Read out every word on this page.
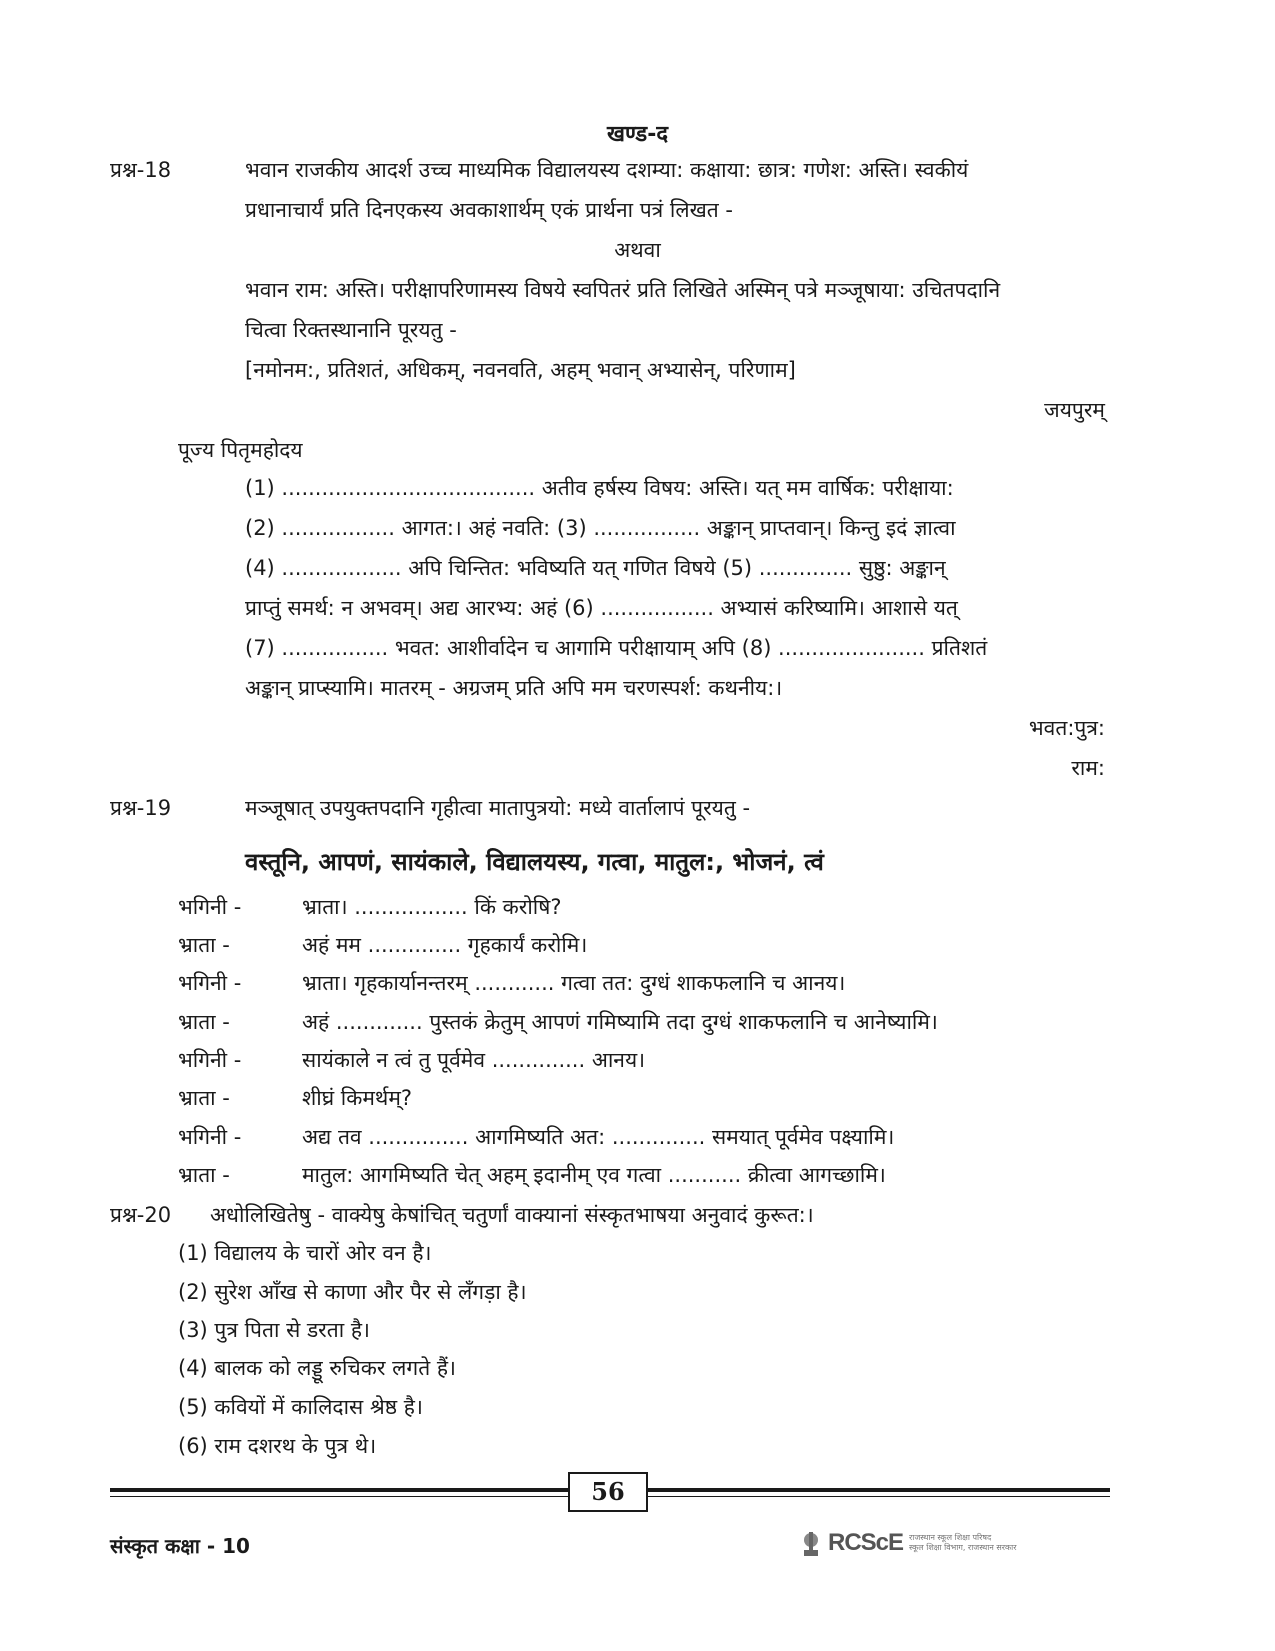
खण्ड-द
प्रश्न-18	भवान राजकीय आदर्श उच्च माध्यमिक विद्यालयस्य दशम्या: कक्षाया: छात्र: गणेश: अस्ति। स्वकीयं
प्रधानाचार्यं प्रति दिनएकस्य अवकाशार्थम् एकं प्रार्थना पत्रं लिखत -
अथवा
भवान राम: अस्ति। परीक्षापरिणामस्य विषये स्वपितरं प्रति लिखिते अस्मिन् पत्रे मञ्जूषाया: उचितपदानि
चित्वा रिक्तस्थानानि पूरयतु -
[नमोनम:, प्रतिशतं, अधिकम्, नवनवति, अहम् भवान् अभ्यासेन्, परिणाम]
जयपुरम्
पूज्य पितृमहोदय
(1) ...................................... अतीव हर्षस्य विषय: अस्ति। यत् मम वार्षिक: परीक्षाया:
(2) ................. आगत:। अहं नवति: (3) ................ अङ्कान् प्राप्तवान्। किन्तु इदं ज्ञात्वा
(4) .................. अपि चिन्तित: भविष्यति यत् गणित विषये (5) .............. सुष्ठु: अङ्कान्
प्राप्तुं समर्थ: न अभवम्। अद्य आरभ्य: अहं (6) ................. अभ्यासं करिष्यामि। आशासे यत्
(7) ................ भवत: आशीर्वादेन च आगामि परीक्षायाम् अपि (8) ...................... प्रतिशतं
अङ्कान् प्राप्स्यामि। मातरम् - अग्रजम् प्रति अपि मम चरणस्पर्श: कथनीय:।
भवत:पुत्र:
राम:
प्रश्न-19	मञ्जूषात् उपयुक्तपदानि गृहीत्वा मातापुत्रयो: मध्ये वार्तालापं पूरयतु -
वस्तूनि, आपणं, सायंकाले, विद्यालयस्य, गत्वा, मातुल:, भोजनं, त्वं
भगिनी -	भ्राता। ................. किं करोषि?
भ्राता -	अहं मम .............. गृहकार्यं करोमि।
भगिनी -	भ्राता। गृहकार्यानन्तरम् ............ गत्वा तत: दुग्धं शाकफलानि च आनय।
भ्राता -	अहं ............. पुस्तकं क्रेतुम् आपणं गमिष्यामि तदा दुग्धं शाकफलानि च आनेष्यामि।
भगिनी -	सायंकाले न त्वं तु पूर्वमेव .............. आनय।
भ्राता -	शीघ्रं किमर्थम्?
भगिनी -	अद्य तव ............... आगमिष्यति अत: .............. समयात् पूर्वमेव पक्ष्यामि।
भ्राता -	मातुल: आगमिष्यति चेत् अहम् इदानीम् एव गत्वा ........... क्रीत्वा आगच्छामि।
प्रश्न-20 अधोलिखितेषु - वाक्येषु केषांचित् चतुर्णां वाक्यानां संस्कृतभाषया अनुवादं कुरूत:।
(1) विद्यालय के चारों ओर वन है।
(2) सुरेश आँख से काणा और पैर से लँगड़ा है।
(3) पुत्र पिता से डरता है।
(4) बालक को लड्डू रुचिकर लगते हैं।
(5) कवियों में कालिदास श्रेष्ठ है।
(6) राम दशरथ के पुत्र थे।
56
संस्कृत कक्षा - 10	RCScE राजस्थान स्कूल शिक्षा परिषद
स्कूल शिक्षा विभाग, राजस्थान सरकार
